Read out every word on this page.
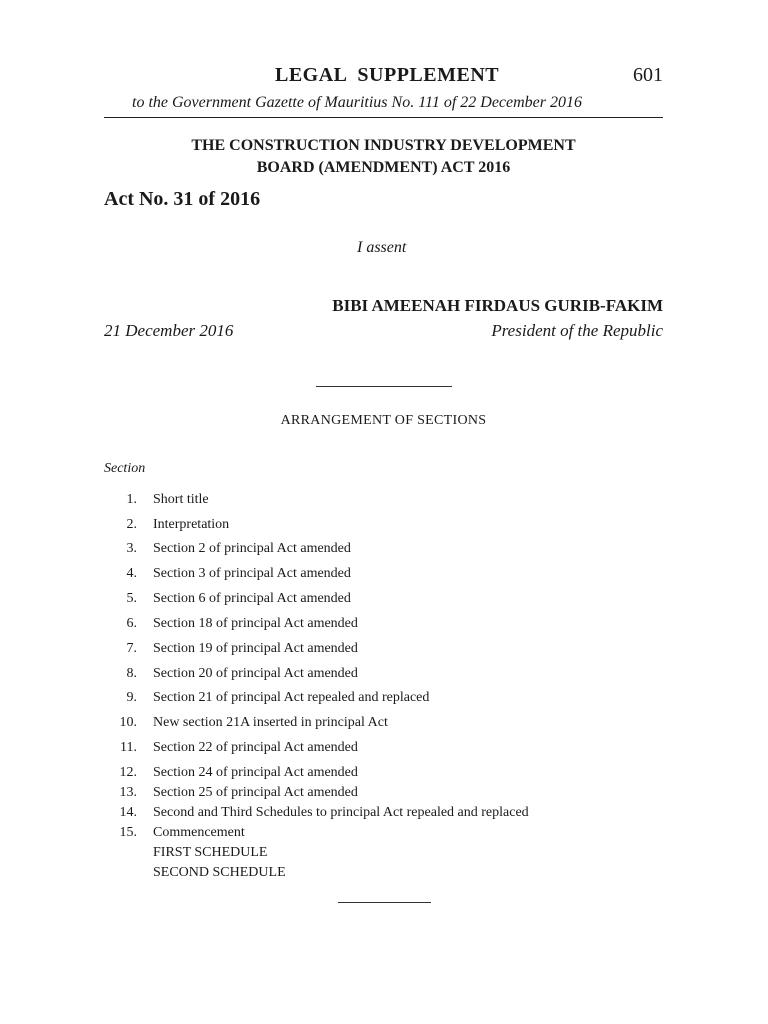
LEGAL  SUPPLEMENT	601
to the Government Gazette of Mauritius No. 111 of 22 December 2016
THE CONSTRUCTION INDUSTRY DEVELOPMENT
BOARD (AMENDMENT) ACT 2016
Act No. 31 of 2016
I assent
BIBI AMEENAH FIRDAUS GURIB-FAKIM
21 December 2016	President of the Republic
ARRANGEMENT OF SECTIONS
Section
1. Short title
2. Interpretation
3. Section 2 of principal Act amended
4. Section 3 of principal Act amended
5. Section 6 of principal Act amended
6. Section 18 of principal Act amended
7. Section 19 of principal Act amended
8. Section 20 of principal Act amended
9. Section 21 of principal Act repealed and replaced
10. New section 21A inserted in principal Act
11. Section 22 of principal Act amended
12. Section 24 of principal Act amended
13. Section 25 of principal Act amended
14. Second and Third Schedules to principal Act repealed and replaced
15. Commencement
FIRST SCHEDULE
SECOND SCHEDULE
